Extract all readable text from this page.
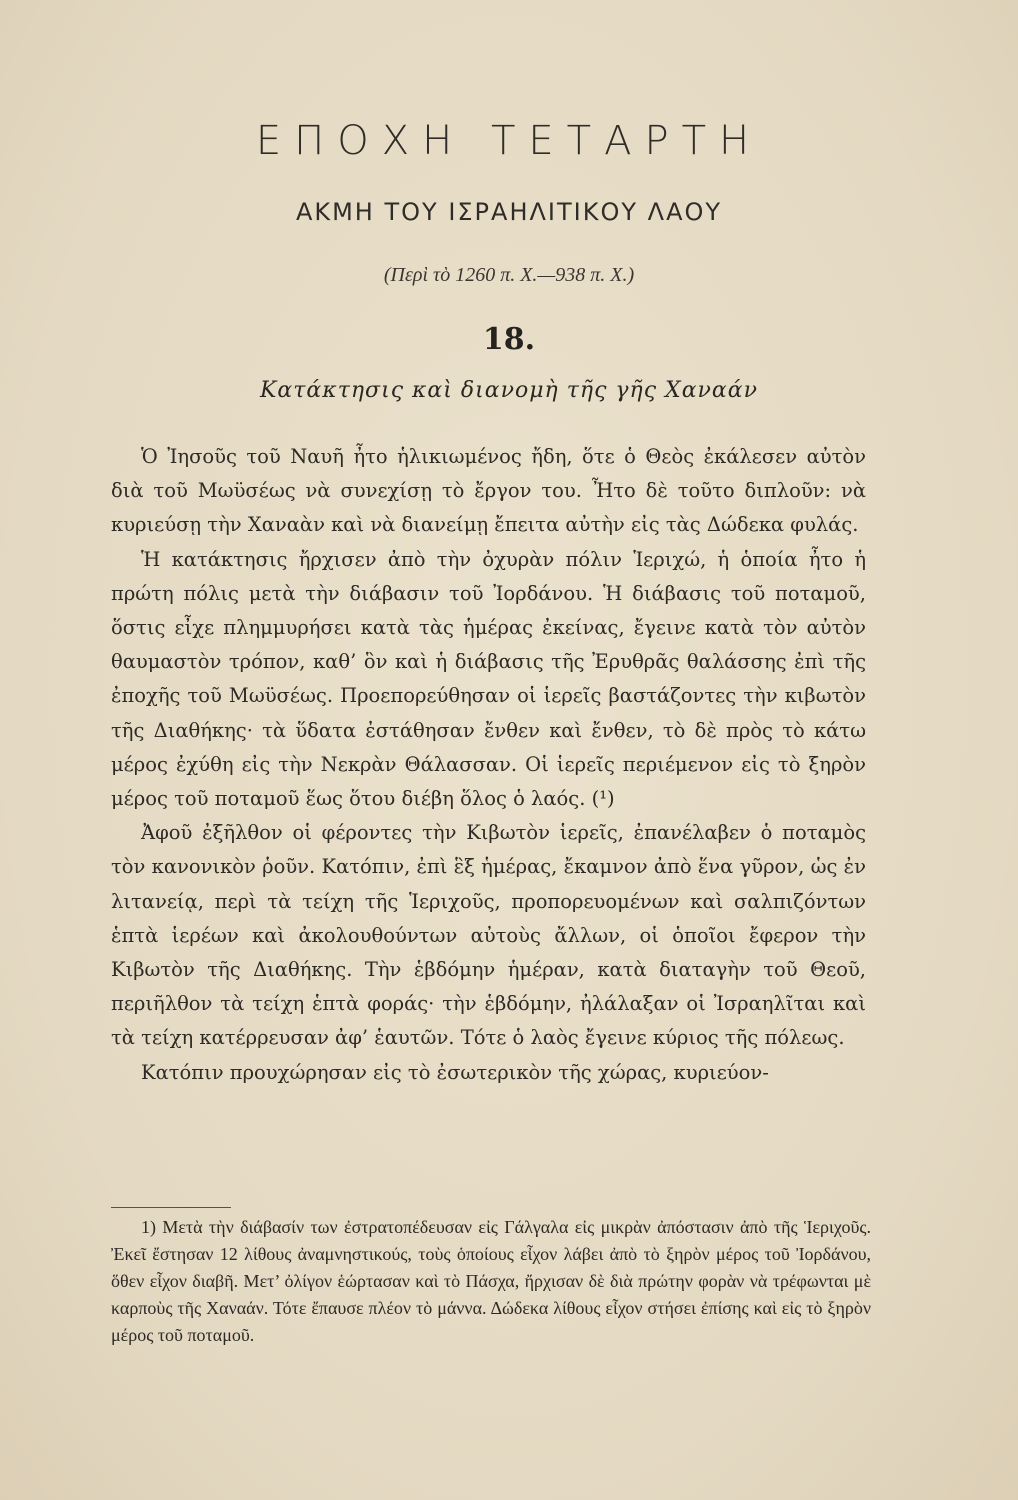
ΕΠΟΧΗ ΤΕΤΑΡΤΗ
ΑΚΜΗ ΤΟΥ ΙΣΡΑΗΛΙΤΙΚΟΥ ΛΑΟΥ
(Περὶ τὸ 1260 π. Χ.—938 π. Χ.)
18.
Κατάκτησις καὶ διανομὴ τῆς γῆς Χαναάν

Ὁ Ἰησοῦς τοῦ Ναυῆ ἦτο ἡλικιωμένος ἤδη, ὅτε ὁ Θεὸς ἐκάλεσεν αὐτὸν διὰ τοῦ Μωϋσέως νὰ συνεχίσῃ τὸ ἔργον του. Ἦτο δὲ τοῦτο διπλοῦν: νὰ κυριεύσῃ τὴν Χαναὰν καὶ νὰ διανείμῃ ἔπειτα αὐτὴν εἰς τὰς Δώδεκα φυλάς.

Ἡ κατάκτησις ἤρχισεν ἀπὸ τὴν ὀχυρὰν πόλιν Ἱεριχώ, ἡ ὁποία ἦτο ἡ πρώτη πόλις μετὰ τὴν διάβασιν τοῦ Ἰορδάνου. Ἡ διάβασις τοῦ ποταμοῦ, ὅστις εἶχε πλημμυρήσει κατὰ τὰς ἡμέρας ἐκείνας, ἔγεινε κατὰ τὸν αὐτὸν θαυμαστὸν τρόπον, καθ’ ὃν καὶ ἡ διάβασις τῆς Ἐρυθρᾶς θαλάσσης ἐπὶ τῆς ἐποχῆς τοῦ Μωϋσέως. Προεπορεύθησαν οἱ ἱερεῖς βαστάζοντες τὴν κιβωτὸν τῆς Διαθήκης· τὰ ὕδατα ἐστάθησαν ἔνθεν καὶ ἔνθεν, τὸ δὲ πρὸς τὸ κάτω μέρος ἐχύθη εἰς τὴν Νεκρὰν Θάλασσαν. Οἱ ἱερεῖς περιέμενον εἰς τὸ ξηρὸν μέρος τοῦ ποταμοῦ ἕως ὅτου διέβη ὅλος ὁ λαός. (¹)

Ἀφοῦ ἐξῆλθον οἱ φέροντες τὴν Κιβωτὸν ἱερεῖς, ἐπανέλαβεν ὁ ποταμὸς τὸν κανονικὸν ῥοῦν. Κατόπιν, ἐπὶ ἓξ ἡμέρας, ἔκαμνον ἀπὸ ἕνα γῦρον, ὡς ἐν λιτανείᾳ, περὶ τὰ τείχη τῆς Ἱεριχοῦς, προπορευομένων καὶ σαλπιζόντων ἑπτὰ ἱερέων καὶ ἀκολουθούντων αὐτοὺς ἄλλων, οἱ ὁποῖοι ἔφερον τὴν Κιβωτὸν τῆς Διαθήκης. Τὴν ἑβδόμην ἡμέραν, κατὰ διαταγὴν τοῦ Θεοῦ, περιῆλθον τὰ τείχη ἑπτὰ φοράς· τὴν ἑβδόμην, ἠλάλαξαν οἱ Ἰσραηλῖται καὶ τὰ τείχη κατέρρευσαν ἀφ’ ἑαυτῶν. Τότε ὁ λαὸς ἔγεινε κύριος τῆς πόλεως.

Κατόπιν προυχώρησαν εἰς τὸ ἐσωτερικὸν τῆς χώρας, κυριεύον-

1) Μετὰ τὴν διάβασίν των ἐστρατοπέδευσαν εἰς Γάλγαλα εἰς μικρὰν ἀπόστασιν ἀπὸ τῆς Ἱεριχοῦς. Ἐκεῖ ἔστησαν 12 λίθους ἀναμνηστικούς, τοὺς ὁποίους εἶχον λάβει ἀπὸ τὸ ξηρὸν μέρος τοῦ Ἰορδάνου, ὅθεν εἶχον διαβῆ. Μετ’ ὀλίγον ἑώρτασαν καὶ τὸ Πάσχα, ἤρχισαν δὲ διὰ πρώτην φορὰν νὰ τρέφωνται μὲ καρποὺς τῆς Χαναάν. Τότε ἔπαυσε πλέον τὸ μάννα. Δώδεκα λίθους εἶχον στήσει ἐπίσης καὶ εἰς τὸ ξηρὸν μέρος τοῦ ποταμοῦ.
